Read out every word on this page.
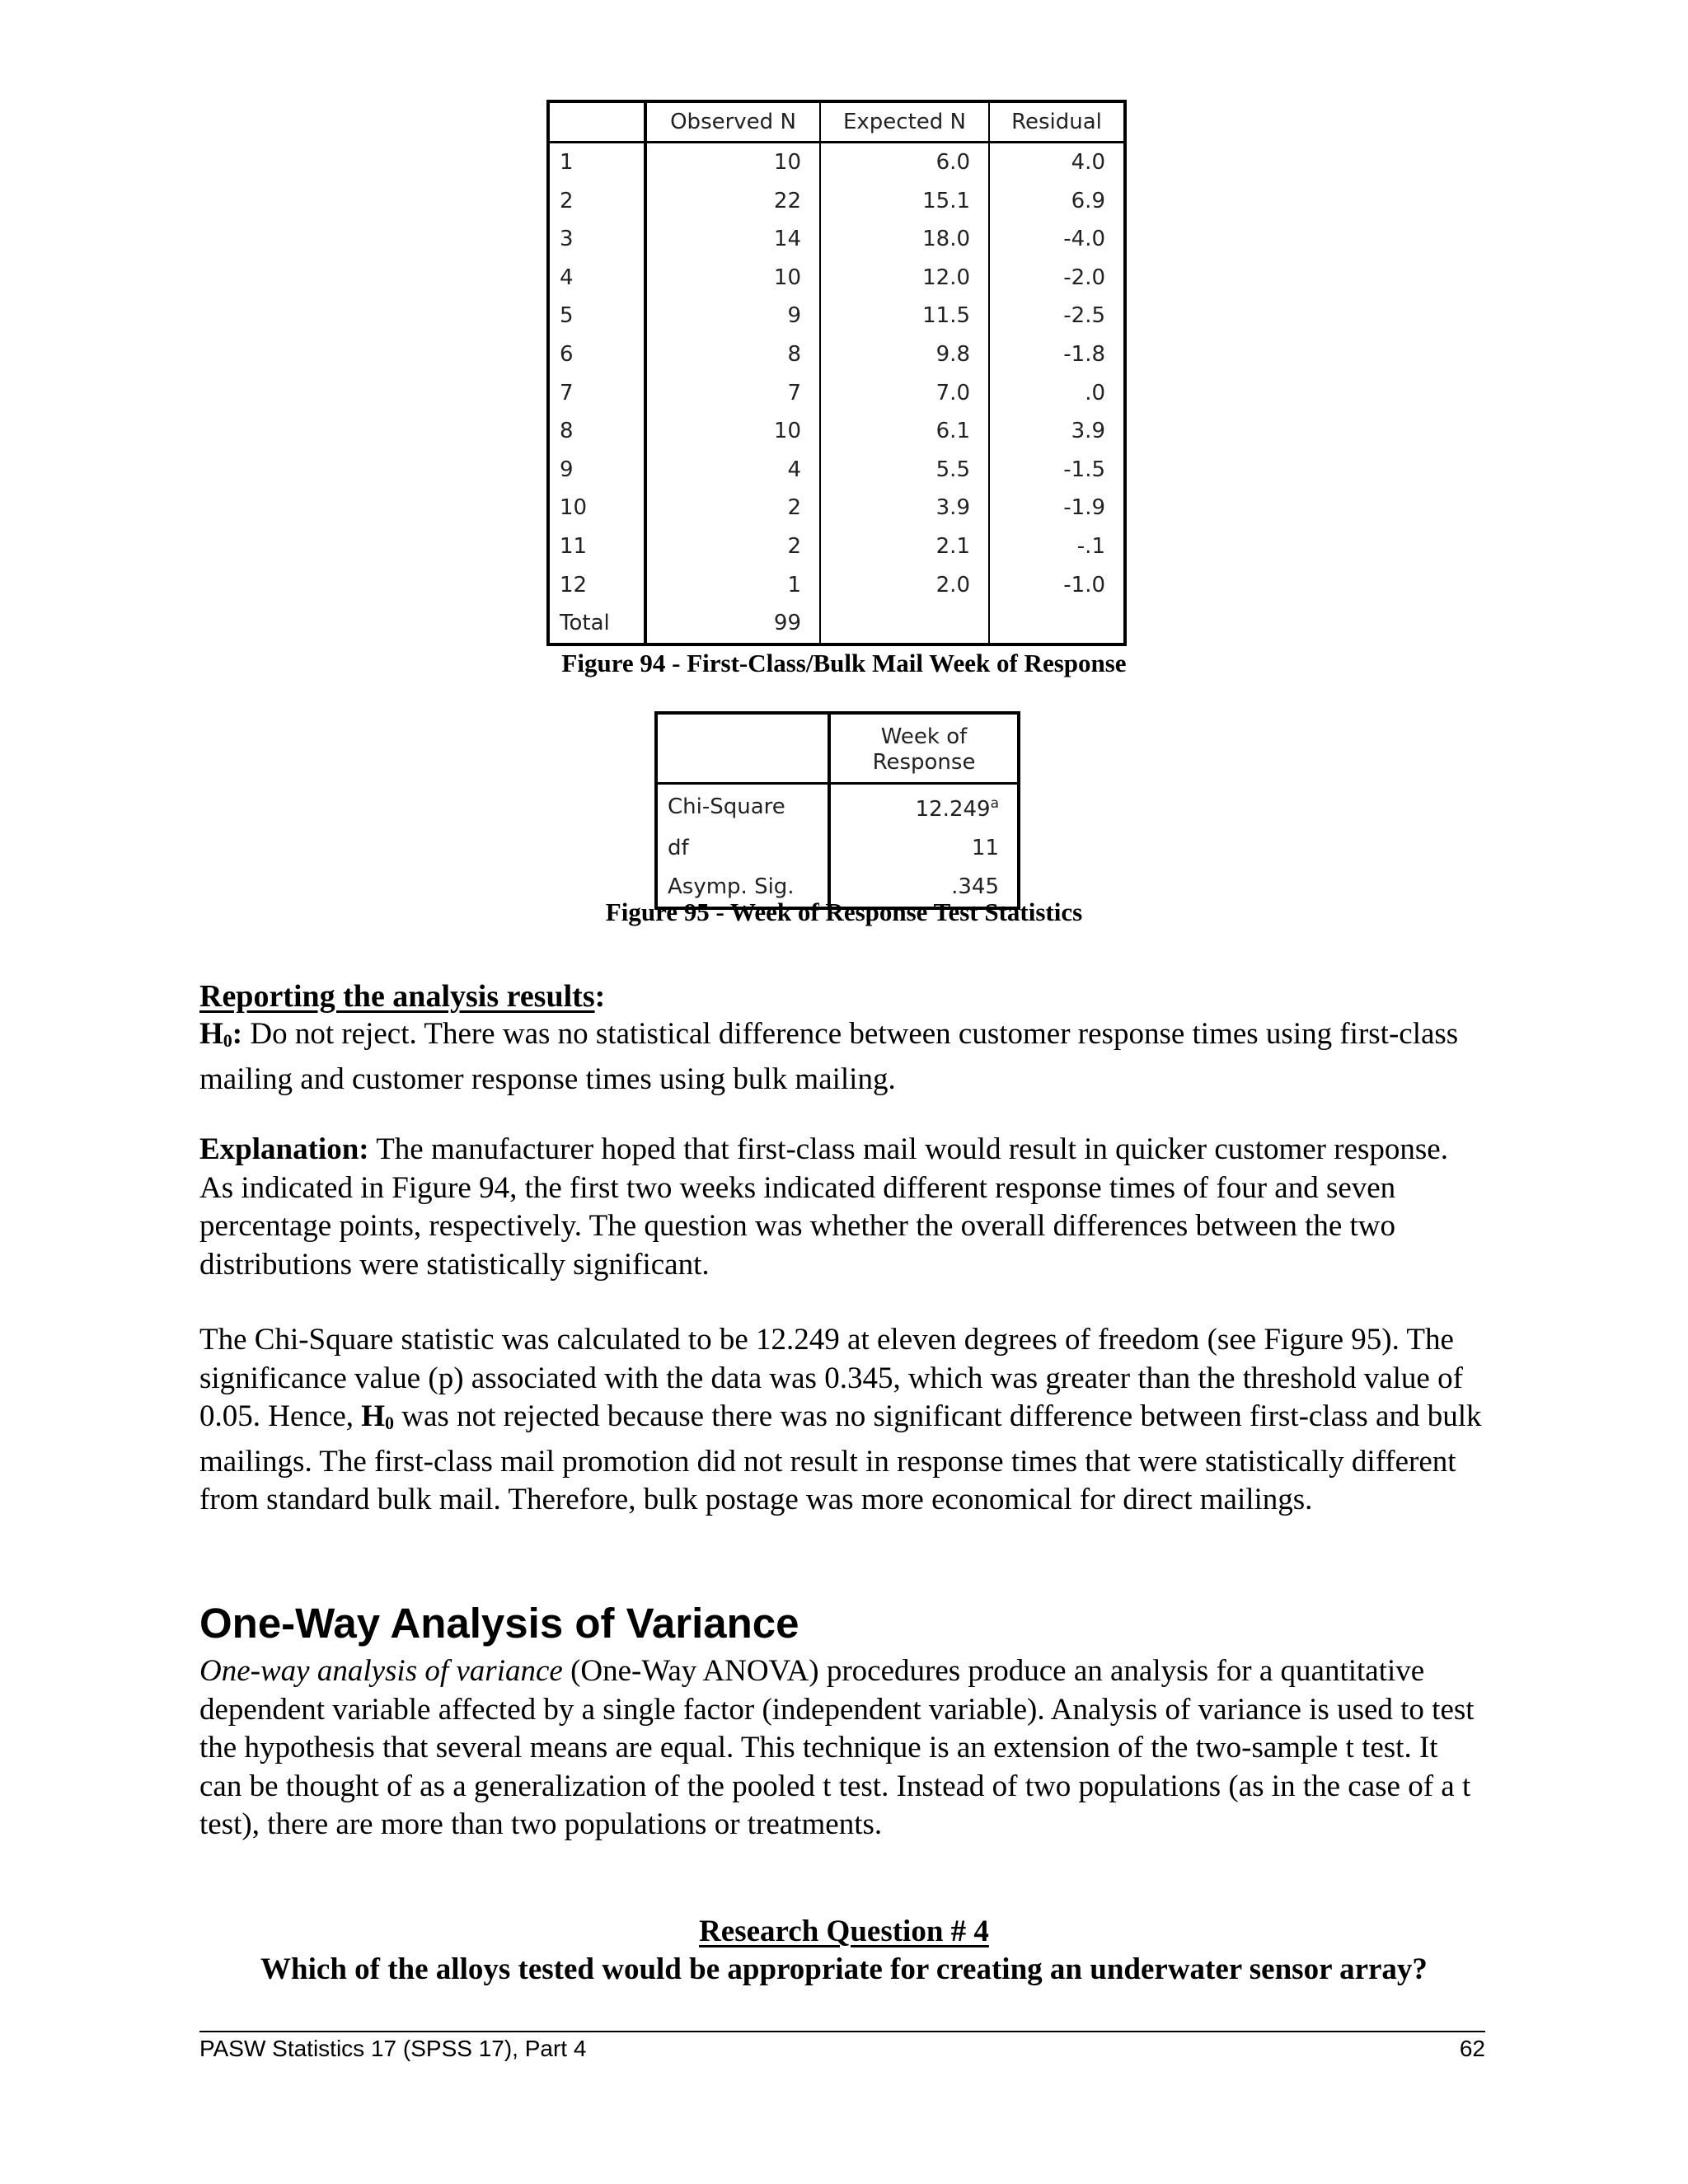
	Observed N	Expected N	Residual
1	10	6.0	4.0
2	22	15.1	6.9
3	14	18.0	-4.0
4	10	12.0	-2.0
5	9	11.5	-2.5
6	8	9.8	-1.8
7	7	7.0	.0
8	10	6.1	3.9
9	4	5.5	-1.5
10	2	3.9	-1.9
11	2	2.1	-.1
12	1	2.0	-1.0
Total	99		
Figure 94 - First-Class/Bulk Mail Week of Response
	Week of
Response
Chi-Square	12.249$^a$
df	11
Asymp. Sig.	.345
Figure 95 - Week of Response Test Statistics
Reporting the analysis results:

$H_0$: Do not reject. There was no statistical difference between customer response times using first-class mailing and customer response times using bulk mailing.

Explanation: The manufacturer hoped that first-class mail would result in quicker customer response. As indicated in Figure 94, the first two weeks indicated different response times of four and seven percentage points, respectively. The question was whether the overall differences between the two distributions were statistically significant.

The Chi-Square statistic was calculated to be 12.249 at eleven degrees of freedom (see Figure 95). The significance value (p) associated with the data was 0.345, which was greater than the threshold value of 0.05. Hence, $H_0$ was not rejected because there was no significant difference between first-class and bulk mailings. The first-class mail promotion did not result in response times that were statistically different from standard bulk mail. Therefore, bulk postage was more economical for direct mailings.

One-Way Analysis of Variance

One-way analysis of variance (One-Way ANOVA) procedures produce an analysis for a quantitative dependent variable affected by a single factor (independent variable). Analysis of variance is used to test the hypothesis that several means are equal. This technique is an extension of the two-sample t test. It can be thought of as a generalization of the pooled t test. Instead of two populations (as in the case of a t test), there are more than two populations or treatments.

Research Question # 4
Which of the alloys tested would be appropriate for creating an underwater sensor array?
PASW Statistics 17 (SPSS 17), Part 4	62
